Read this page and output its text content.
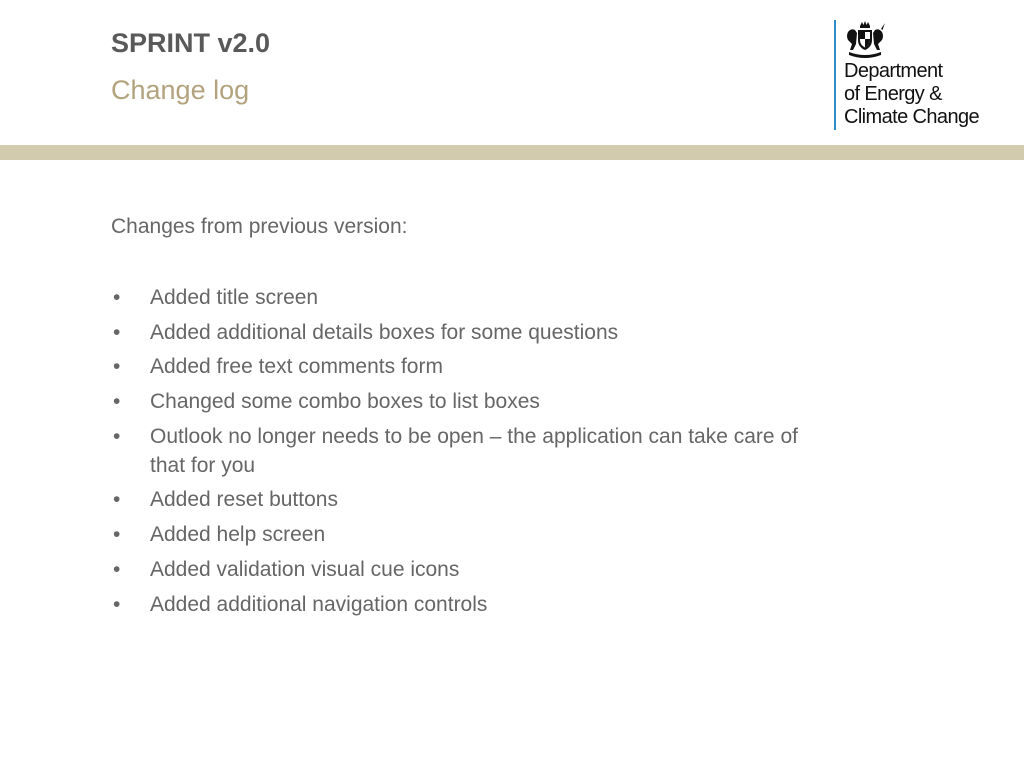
SPRINT v2.0
Change log
Department
of Energy &
Climate Change

Changes from previous version:

• Added title screen
• Added additional details boxes for some questions
• Added free text comments form
• Changed some combo boxes to list boxes
• Outlook no longer needs to be open – the application can take care of that for you
• Added reset buttons
• Added help screen
• Added validation visual cue icons
• Added additional navigation controls
